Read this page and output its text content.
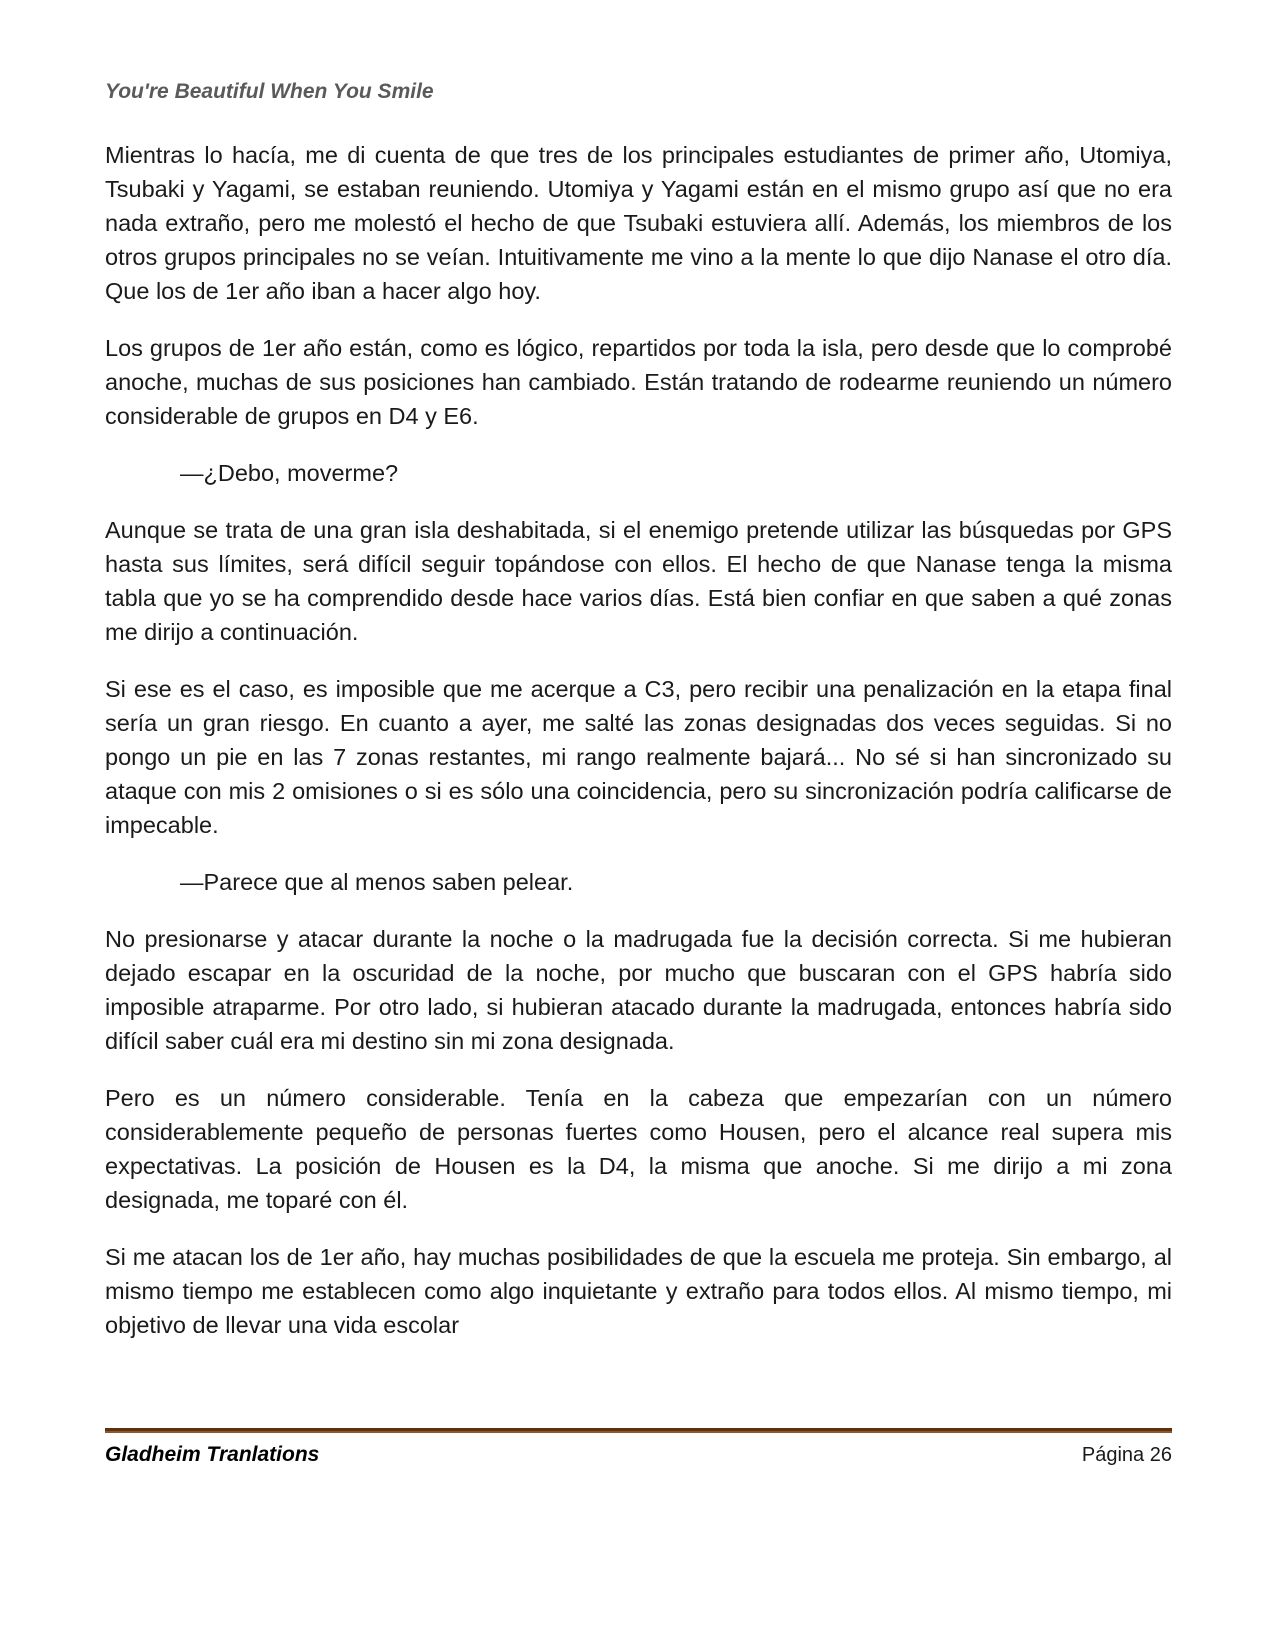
You're Beautiful When You Smile

Mientras lo hacía, me di cuenta de que tres de los principales estudiantes de primer año, Utomiya, Tsubaki y Yagami, se estaban reuniendo. Utomiya y Yagami están en el mismo grupo así que no era nada extraño, pero me molestó el hecho de que Tsubaki estuviera allí. Además, los miembros de los otros grupos principales no se veían. Intuitivamente me vino a la mente lo que dijo Nanase el otro día. Que los de 1er año iban a hacer algo hoy.

Los grupos de 1er año están, como es lógico, repartidos por toda la isla, pero desde que lo comprobé anoche, muchas de sus posiciones han cambiado. Están tratando de rodearme reuniendo un número considerable de grupos en D4 y E6.

—¿Debo, moverme?

Aunque se trata de una gran isla deshabitada, si el enemigo pretende utilizar las búsquedas por GPS hasta sus límites, será difícil seguir topándose con ellos. El hecho de que Nanase tenga la misma tabla que yo se ha comprendido desde hace varios días. Está bien confiar en que saben a qué zonas me dirijo a continuación.

Si ese es el caso, es imposible que me acerque a C3, pero recibir una penalización en la etapa final sería un gran riesgo. En cuanto a ayer, me salté las zonas designadas dos veces seguidas. Si no pongo un pie en las 7 zonas restantes, mi rango realmente bajará... No sé si han sincronizado su ataque con mis 2 omisiones o si es sólo una coincidencia, pero su sincronización podría calificarse de impecable.

—Parece que al menos saben pelear.

No presionarse y atacar durante la noche o la madrugada fue la decisión correcta. Si me hubieran dejado escapar en la oscuridad de la noche, por mucho que buscaran con el GPS habría sido imposible atraparme. Por otro lado, si hubieran atacado durante la madrugada, entonces habría sido difícil saber cuál era mi destino sin mi zona designada.

Pero es un número considerable. Tenía en la cabeza que empezarían con un número considerablemente pequeño de personas fuertes como Housen, pero el alcance real supera mis expectativas. La posición de Housen es la D4, la misma que anoche. Si me dirijo a mi zona designada, me toparé con él.

Si me atacan los de 1er año, hay muchas posibilidades de que la escuela me proteja. Sin embargo, al mismo tiempo me establecen como algo inquietante y extraño para todos ellos. Al mismo tiempo, mi objetivo de llevar una vida escolar

Gladheim Tranlations	Página 26
